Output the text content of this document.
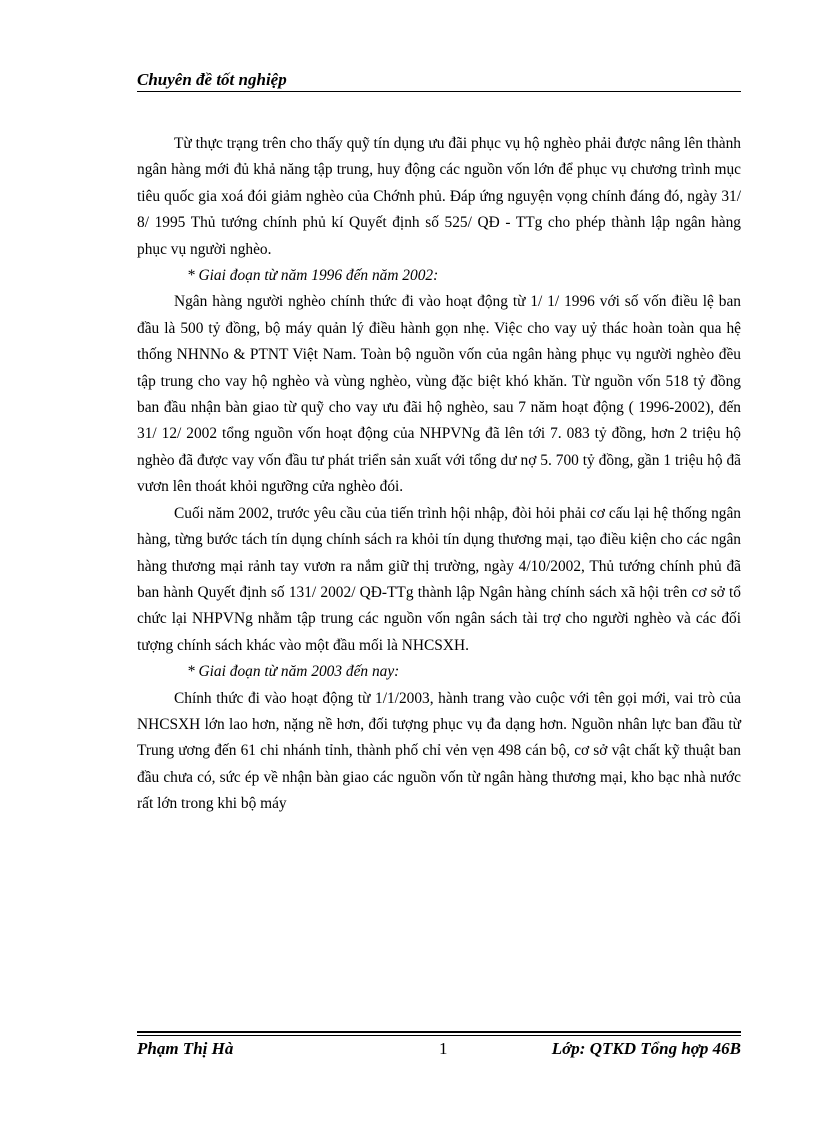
Chuyên đề tốt nghiệp

Từ thực trạng trên cho thấy quỹ tín dụng ưu đãi phục vụ hộ nghèo phải được nâng lên thành ngân hàng mới đủ khả năng tập trung, huy động các nguồn vốn lớn để phục vụ chương trình mục tiêu quốc gia xoá đói giảm nghèo của Chớnh phủ. Đáp ứng nguyện vọng chính đáng đó, ngày 31/ 8/ 1995 Thủ tướng chính phủ kí Quyết định số 525/ QĐ - TTg cho phép thành lập ngân hàng phục vụ người nghèo.

* Giai đoạn từ năm 1996 đến năm 2002:

Ngân hàng người nghèo chính thức đi vào hoạt động từ 1/ 1/ 1996 với số vốn điều lệ ban đầu là 500 tỷ đồng, bộ máy quản lý điều hành gọn nhẹ. Việc cho vay uỷ thác hoàn toàn qua hệ thống NHNNo & PTNT Việt Nam. Toàn bộ nguồn vốn của ngân hàng phục vụ người nghèo đều tập trung cho vay hộ nghèo và vùng nghèo, vùng đặc biệt khó khăn. Từ nguồn vốn 518 tỷ đồng ban đầu nhận bàn giao từ quỹ cho vay ưu đãi hộ nghèo, sau 7 năm hoạt động ( 1996-2002), đến 31/ 12/ 2002 tổng nguồn vốn hoạt động của NHPVNg đã lên tới 7. 083 tỷ đồng, hơn 2 triệu hộ nghèo đã được vay vốn đầu tư phát triển sản xuất với tổng dư nợ 5. 700 tỷ đồng, gần 1 triệu hộ đã vươn lên thoát khỏi ngưỡng cửa nghèo đói.

Cuối năm 2002, trước yêu cầu của tiến trình hội nhập, đòi hỏi phải cơ cấu lại hệ thống ngân hàng, từng bước tách tín dụng chính sách ra khỏi tín dụng thương mại, tạo điều kiện cho các ngân hàng thương mại rảnh tay vươn ra nắm giữ thị trường, ngày 4/10/2002, Thủ tướng chính phủ đã ban hành Quyết định số 131/ 2002/ QĐ-TTg thành lập Ngân hàng chính sách xã hội trên cơ sở tổ chức lại NHPVNg nhằm tập trung các nguồn vốn ngân sách tài trợ cho người nghèo và các đối tượng chính sách khác vào một đầu mối là NHCSXH.

* Giai đoạn từ năm 2003 đến nay:

Chính thức đi vào hoạt động từ 1/1/2003, hành trang vào cuộc với tên gọi mới, vai trò của NHCSXH lớn lao hơn, nặng nề hơn, đối tượng phục vụ đa dạng hơn. Nguồn nhân lực ban đầu từ Trung ương đến 61 chi nhánh tỉnh, thành phố chỉ vẻn vẹn 498 cán bộ, cơ sở vật chất kỹ thuật ban đầu chưa có, sức ép về nhận bàn giao các nguồn vốn từ ngân hàng thương mại, kho bạc nhà nước rất lớn trong khi bộ máy

Phạm Thị Hà	1	Lớp: QTKD Tổng hợp 46B
